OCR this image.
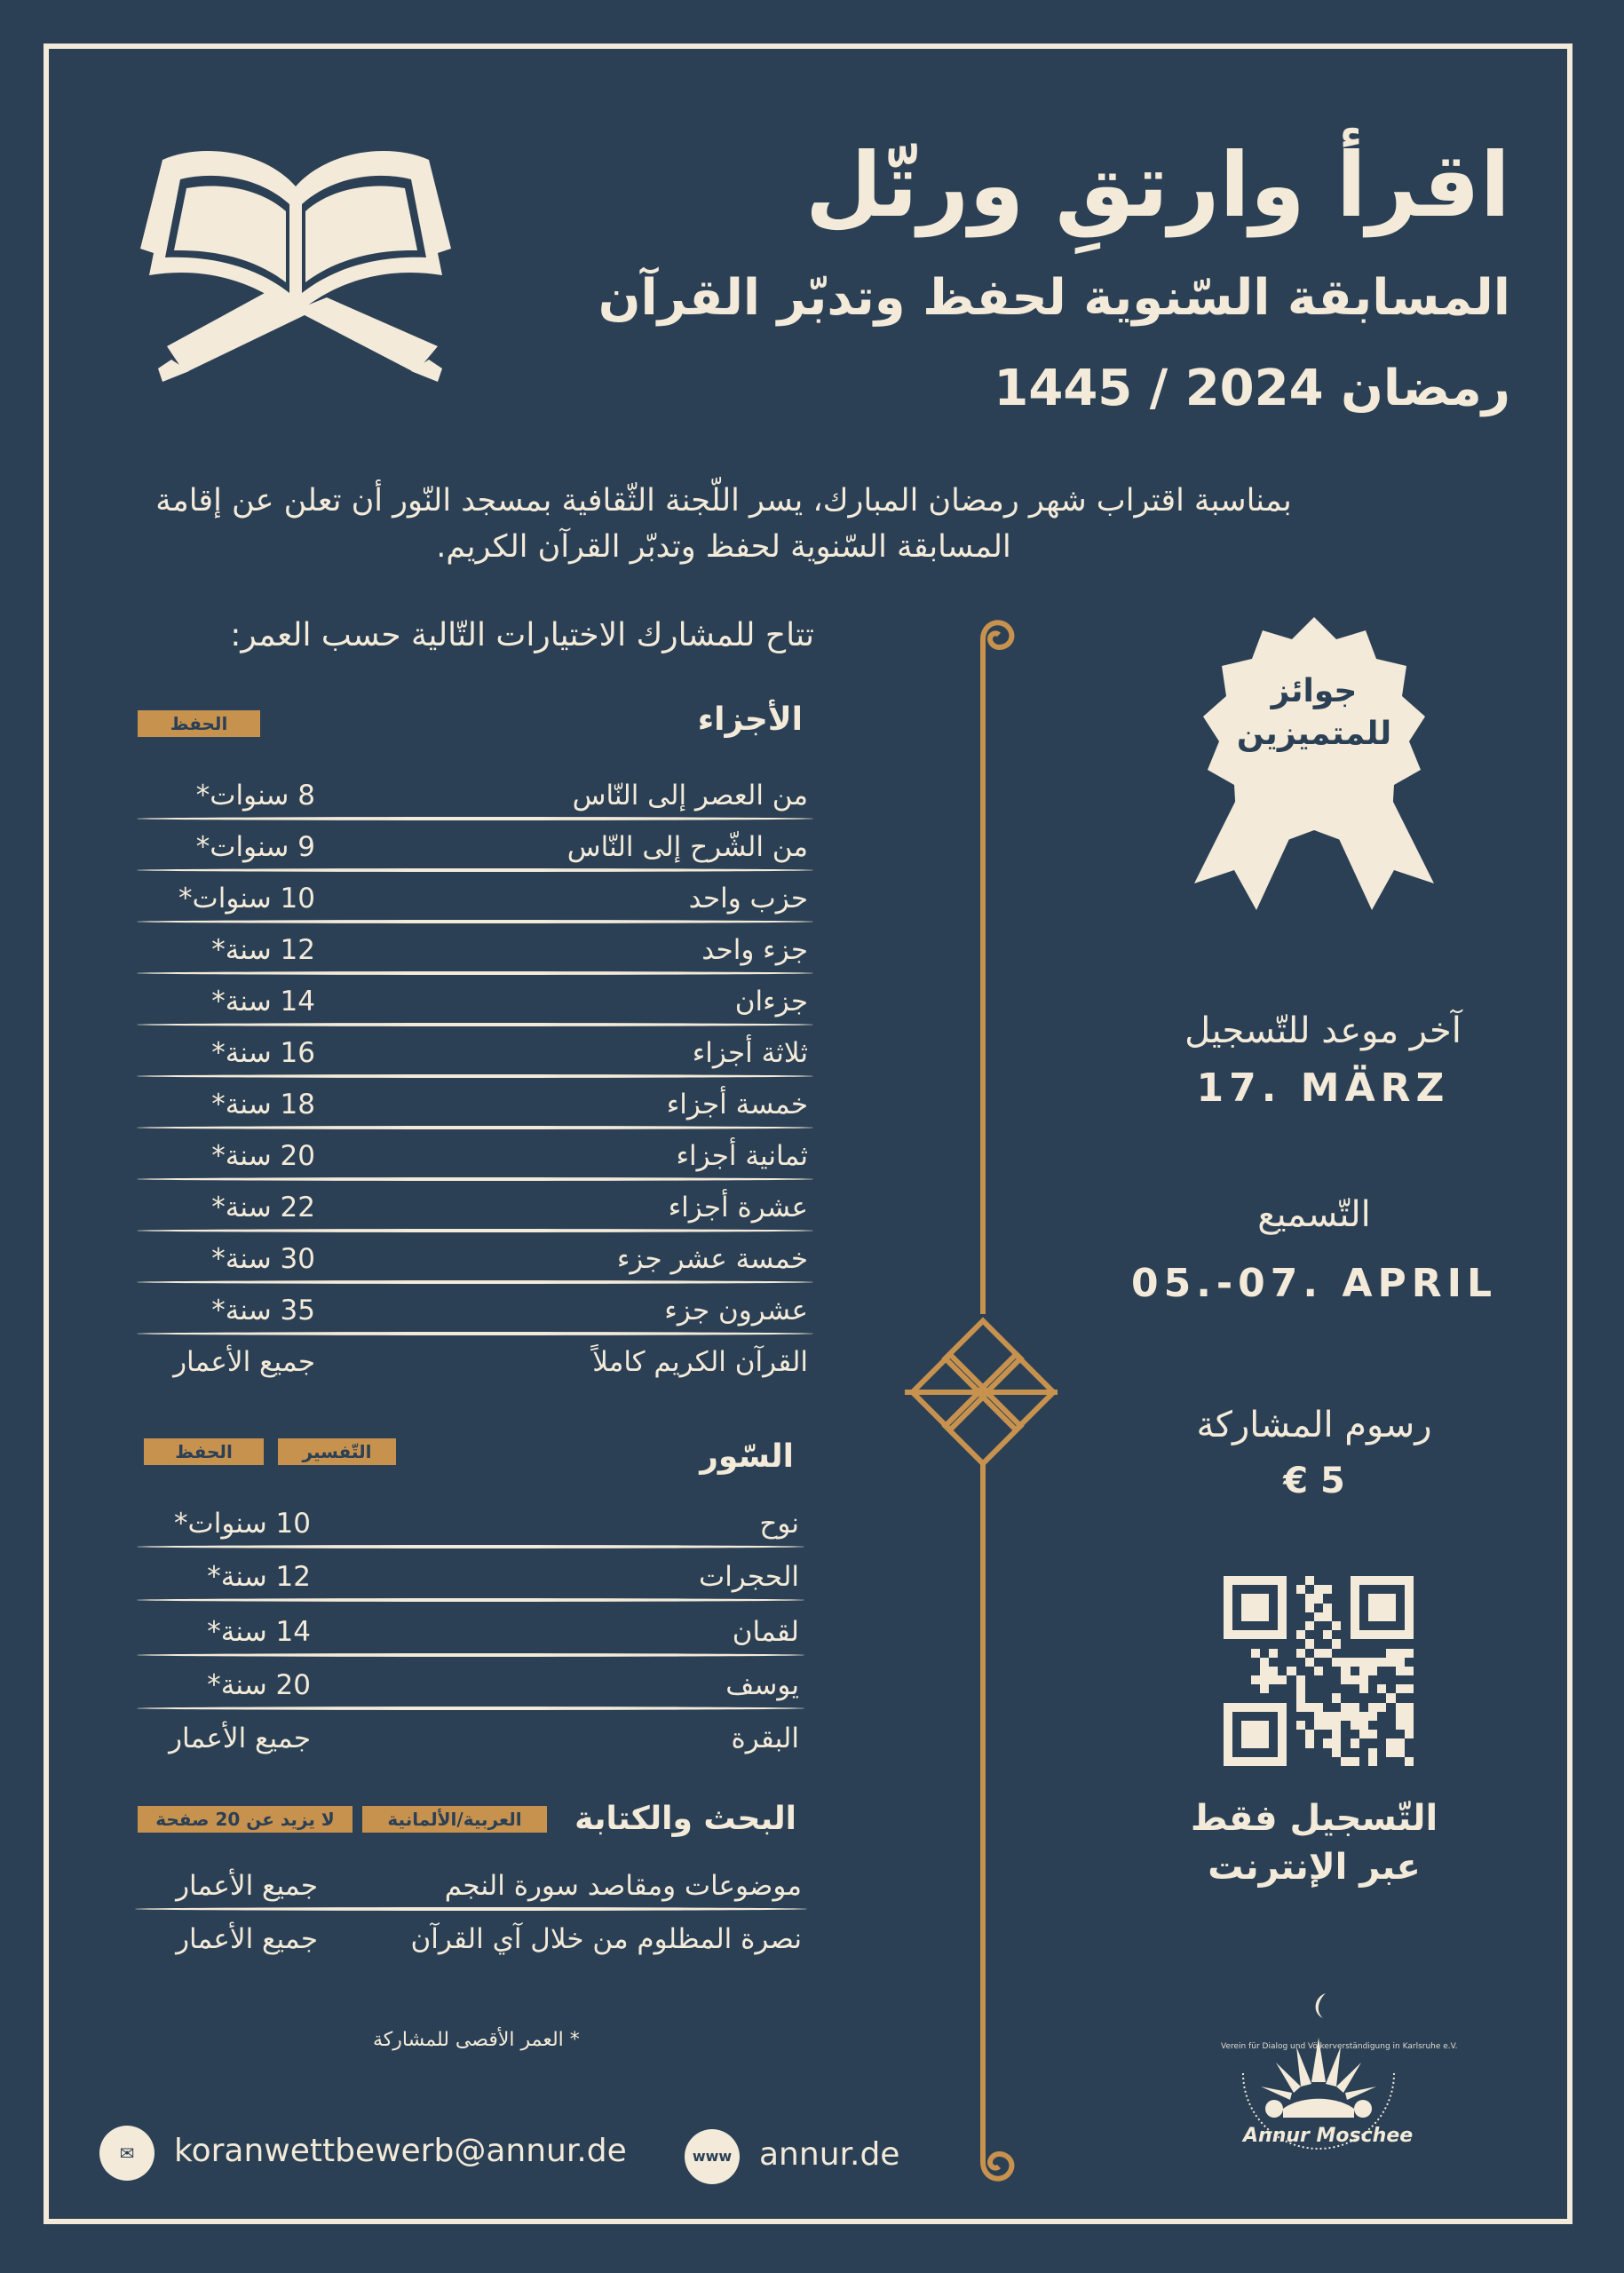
اقرأ وارتقِ ورتّل
المسابقة السّنوية لحفظ وتدبّر القرآن
رمضان 2024 / 1445
بمناسبة اقتراب شهر رمضان المبارك، يسر اللّجنة الثّقافية بمسجد النّور أن تعلن عن إقامة المسابقة السّنوية لحفظ وتدبّر القرآن الكريم.
تتاح للمشارك الاختيارات التّالية حسب العمر:
الأجزاء
الحفظ
من العصر إلى النّاس
8 سنوات*
من الشّرح إلى النّاس
9 سنوات*
حزب واحد
10 سنوات*
جزء واحد
12 سنة*
جزءان
14 سنة*
ثلاثة أجزاء
16 سنة*
خمسة أجزاء
18 سنة*
ثمانية أجزاء
20 سنة*
عشرة أجزاء
22 سنة*
خمسة عشر جزء
30 سنة*
عشرون جزء
35 سنة*
القرآن الكريم كاملاً
جميع الأعمار
السّور
التّفسير
الحفظ
نوح
10 سنوات*
الحجرات
12 سنة*
لقمان
14 سنة*
يوسف
20 سنة*
البقرة
جميع الأعمار
البحث والكتابة
العربية/الألمانية
لا يزيد عن 20 صفحة
موضوعات ومقاصد سورة النجم
جميع الأعمار
نصرة المظلوم من خلال آي القرآن
جميع الأعمار
* العمر الأقصى للمشاركة
جوائز للمتميزين
آخر موعد للتّسجيل
17. MÄRZ
التّسميع
05.-07. APRIL
رسوم المشاركة
5 €
التّسجيل فقط
عبر الإنترنت
Annur Moschee
Verein für Dialog und Völkerverständigung in Karlsruhe e.V.
✉	koranwettbewerb@annur.de	www annur.de
